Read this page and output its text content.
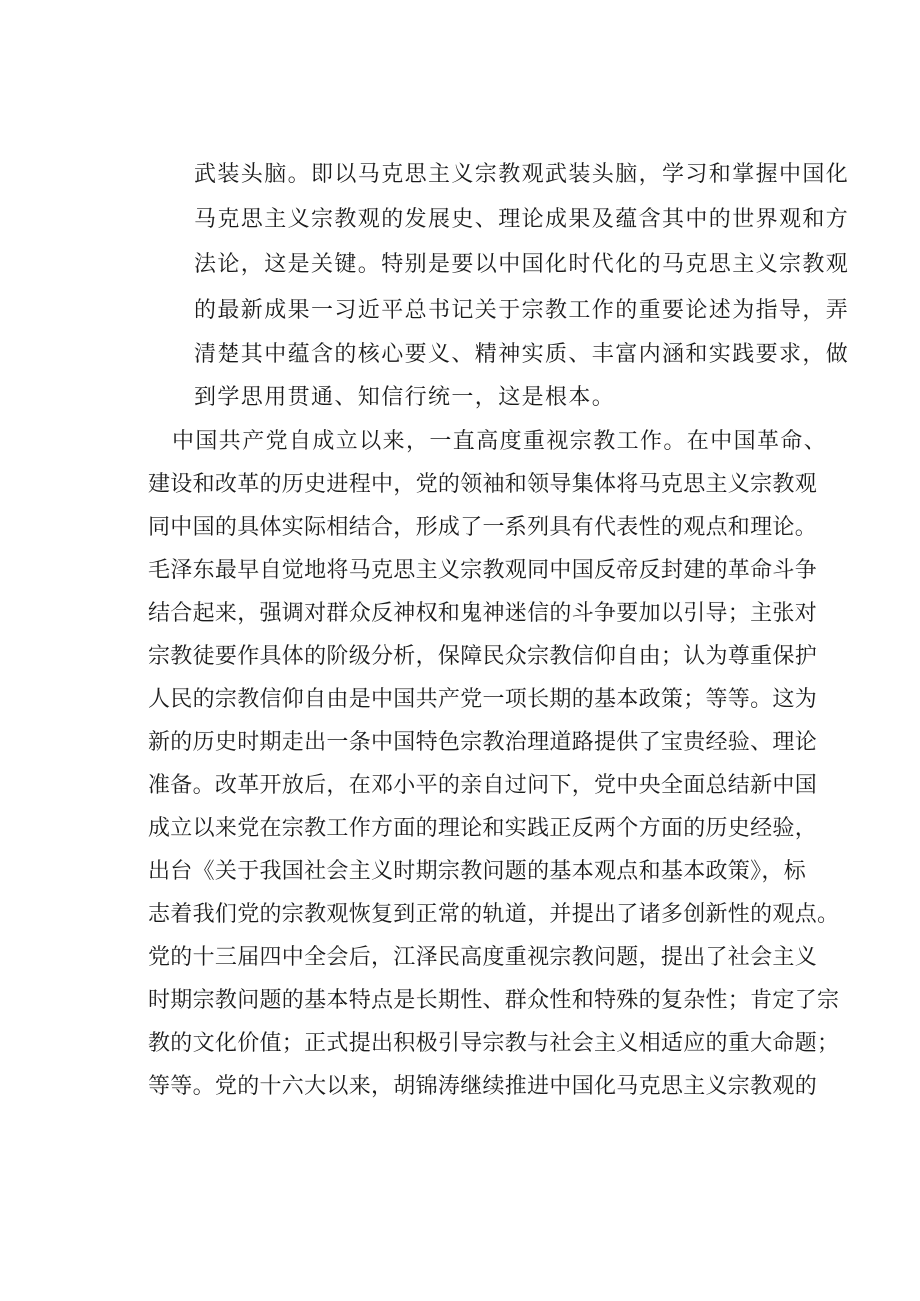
武装头脑。即以马克思主义宗教观武装头脑，学习和掌握中国化
马克思主义宗教观的发展史、理论成果及蕴含其中的世界观和方
法论，这是关键。特别是要以中国化时代化的马克思主义宗教观
的最新成果一习近平总书记关于宗教工作的重要论述为指导，弄
清楚其中蕴含的核心要义、精神实质、丰富内涵和实践要求，做
到学思用贯通、知信行统一，这是根本。
中国共产党自成立以来，一直高度重视宗教工作。在中国革命、
建设和改革的历史进程中，党的领袖和领导集体将马克思主义宗教观
同中国的具体实际相结合，形成了一系列具有代表性的观点和理论。
毛泽东最早自觉地将马克思主义宗教观同中国反帝反封建的革命斗争
结合起来，强调对群众反神权和鬼神迷信的斗争要加以引导；主张对
宗教徒要作具体的阶级分析，保障民众宗教信仰自由；认为尊重保护
人民的宗教信仰自由是中国共产党一项长期的基本政策；等等。这为
新的历史时期走出一条中国特色宗教治理道路提供了宝贵经验、理论
准备。改革开放后，在邓小平的亲自过问下，党中央全面总结新中国
成立以来党在宗教工作方面的理论和实践正反两个方面的历史经验，
出台《关于我国社会主义时期宗教问题的基本观点和基本政策》，标
志着我们党的宗教观恢复到正常的轨道，并提出了诸多创新性的观点。
党的十三届四中全会后，江泽民高度重视宗教问题，提出了社会主义
时期宗教问题的基本特点是长期性、群众性和特殊的复杂性；肯定了宗
教的文化价值；正式提出积极引导宗教与社会主义相适应的重大命题；
等等。党的十六大以来，胡锦涛继续推进中国化马克思主义宗教观的
